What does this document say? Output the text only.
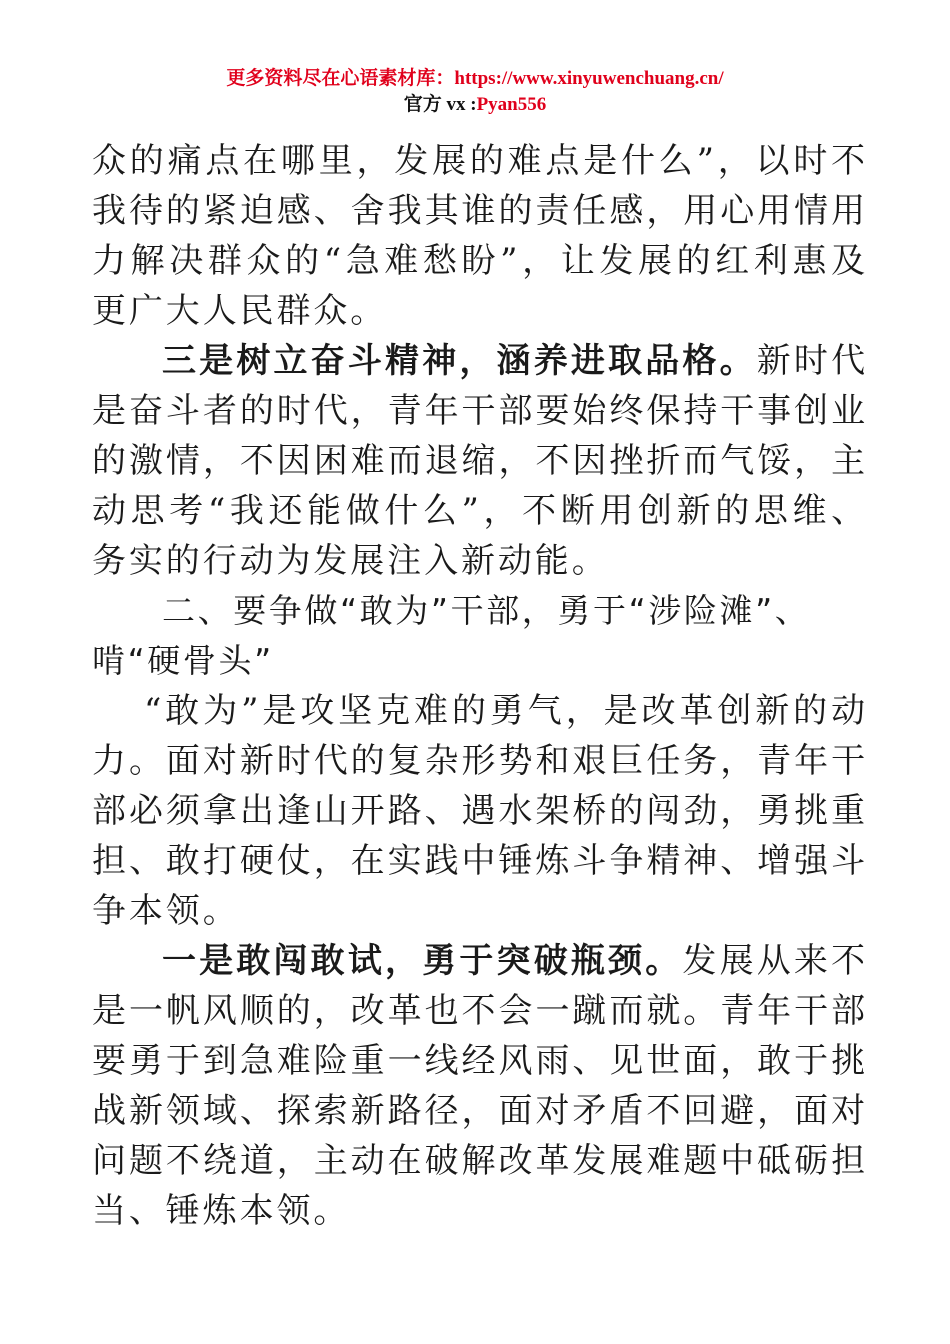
更多资料尽在心语素材库：https://www.xinyuwenchuang.cn/
官方 vx :Pyan556

众的痛点在哪里，发展的难点是什么”，以时不我待的紧迫感、舍我其谁的责任感，用心用情用力解决群众的“急难愁盼”，让发展的红利惠及更广大人民群众。

三是树立奋斗精神，涵养进取品格。新时代是奋斗者的时代，青年干部要始终保持干事创业的激情，不因困难而退缩，不因挫折而气馁，主动思考“我还能做什么”，不断用创新的思维、务实的行动为发展注入新动能。

二、要争做“敢为”干部，勇于“涉险滩”、啃“硬骨头”

“敢为”是攻坚克难的勇气，是改革创新的动力。面对新时代的复杂形势和艰巨任务，青年干部必须拿出逢山开路、遇水架桥的闯劲，勇挑重担、敢打硬仗，在实践中锤炼斗争精神、增强斗争本领。

一是敢闯敢试，勇于突破瓶颈。发展从来不是一帆风顺的，改革也不会一蹴而就。青年干部要勇于到急难险重一线经风雨、见世面，敢于挑战新领域、探索新路径，面对矛盾不回避，面对问题不绕道，主动在破解改革发展难题中砥砺担当、锤炼本领。
